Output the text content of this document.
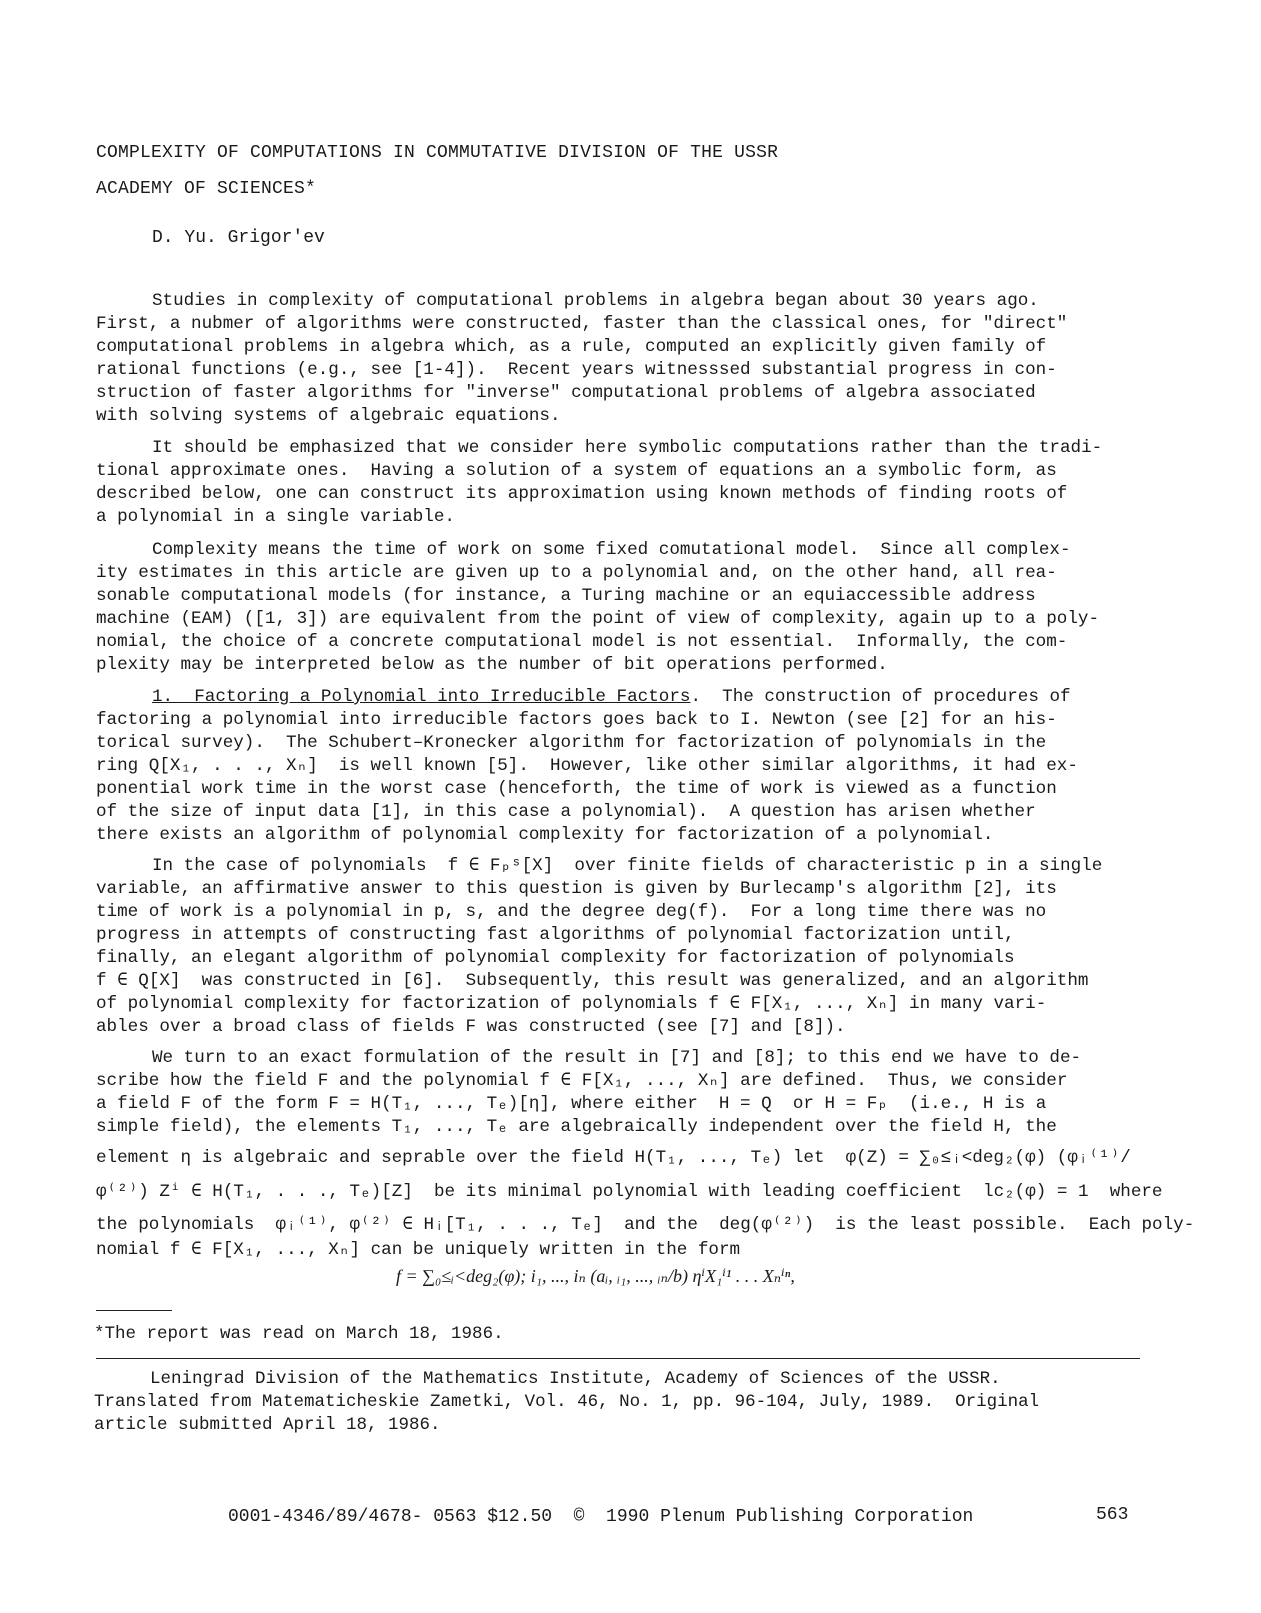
COMPLEXITY OF COMPUTATIONS IN COMMUTATIVE DIVISION OF THE USSR
ACADEMY OF SCIENCES*
D. Yu. Grigor'ev
Studies in complexity of computational problems in algebra began about 30 years ago.
First, a nubmer of algorithms were constructed, faster than the classical ones, for "direct"
computational problems in algebra which, as a rule, computed an explicitly given family of
rational functions (e.g., see [1-4]).  Recent years witnesssed substantial progress in con-
struction of faster algorithms for "inverse" computational problems of algebra associated
with solving systems of algebraic equations.
It should be emphasized that we consider here symbolic computations rather than the tradi-
tional approximate ones.  Having a solution of a system of equations an a symbolic form, as
described below, one can construct its approximation using known methods of finding roots of
a polynomial in a single variable.
Complexity means the time of work on some fixed comutational model.  Since all complex-
ity estimates in this article are given up to a polynomial and, on the other hand, all rea-
sonable computational models (for instance, a Turing machine or an equiaccessible address
machine (EAM) ([1, 3]) are equivalent from the point of view of complexity, again up to a poly-
nomial, the choice of a concrete computational model is not essential.  Informally, the com-
plexity may be interpreted below as the number of bit operations performed.
1.  Factoring a Polynomial into Irreducible Factors.  The construction of procedures of
factoring a polynomial into irreducible factors goes back to I. Newton (see [2] for an his-
torical survey).  The Schubert–Kronecker algorithm for factorization of polynomials in the
ring Q[X₁, . . ., Xₙ]  is well known [5].  However, like other similar algorithms, it had ex-
ponential work time in the worst case (henceforth, the time of work is viewed as a function
of the size of input data [1], in this case a polynomial).  A question has arisen whether
there exists an algorithm of polynomial complexity for factorization of a polynomial.
In the case of polynomials  f ∈ Fₚˢ[X]  over finite fields of characteristic p in a single
variable, an affirmative answer to this question is given by Burlecamp's algorithm [2], its
time of work is a polynomial in p, s, and the degree deg(f).  For a long time there was no
progress in attempts of constructing fast algorithms of polynomial factorization until,
finally, an elegant algorithm of polynomial complexity for factorization of polynomials
f ∈ Q[X]  was constructed in [6].  Subsequently, this result was generalized, and an algorithm
of polynomial complexity for factorization of polynomials f ∈ F[X₁, ..., Xₙ] in many vari-
ables over a broad class of fields F was constructed (see [7] and [8]).
We turn to an exact formulation of the result in [7] and [8]; to this end we have to de-
scribe how the field F and the polynomial f ∈ F[X₁, ..., Xₙ] are defined.  Thus, we consider
a field F of the form F = H(T₁, ..., Tₑ)[η], where either  H = Q  or H = Fₚ  (i.e., H is a
simple field), the elements T₁, ..., Tₑ are algebraically independent over the field H, the
element η is algebraic and seprable over the field H(T₁, ..., Tₑ) let  φ(Z) = ∑₀≤ᵢ<deg₂(φ) (φᵢ⁽¹⁾/
φ⁽²⁾) Zⁱ ∈ H(T₁, . . ., Tₑ)[Z]  be its minimal polynomial with leading coefficient  lc₂(φ) = 1  where
the polynomials  φᵢ⁽¹⁾, φ⁽²⁾ ∈ Hᵢ[T₁, . . ., Tₑ]  and the  deg(φ⁽²⁾)  is the least possible.  Each poly-
nomial f ∈ F[X₁, ..., Xₙ] can be uniquely written in the form
f = ∑₀≤ᵢ<deg₂(φ); i₁, ..., iₙ (aᵢ, ᵢ₁, ..., ᵢₙ/b) ηⁱX₁ⁱ¹ . . . Xₙⁱⁿ,
*The report was read on March 18, 1986.
Leningrad Division of the Mathematics Institute, Academy of Sciences of the USSR.
Translated from Matematicheskie Zametki, Vol. 46, No. 1, pp. 96-104, July, 1989.  Original
article submitted April 18, 1986.
0001-4346/89/4678- 0563 $12.50  ©  1990 Plenum Publishing Corporation	563
